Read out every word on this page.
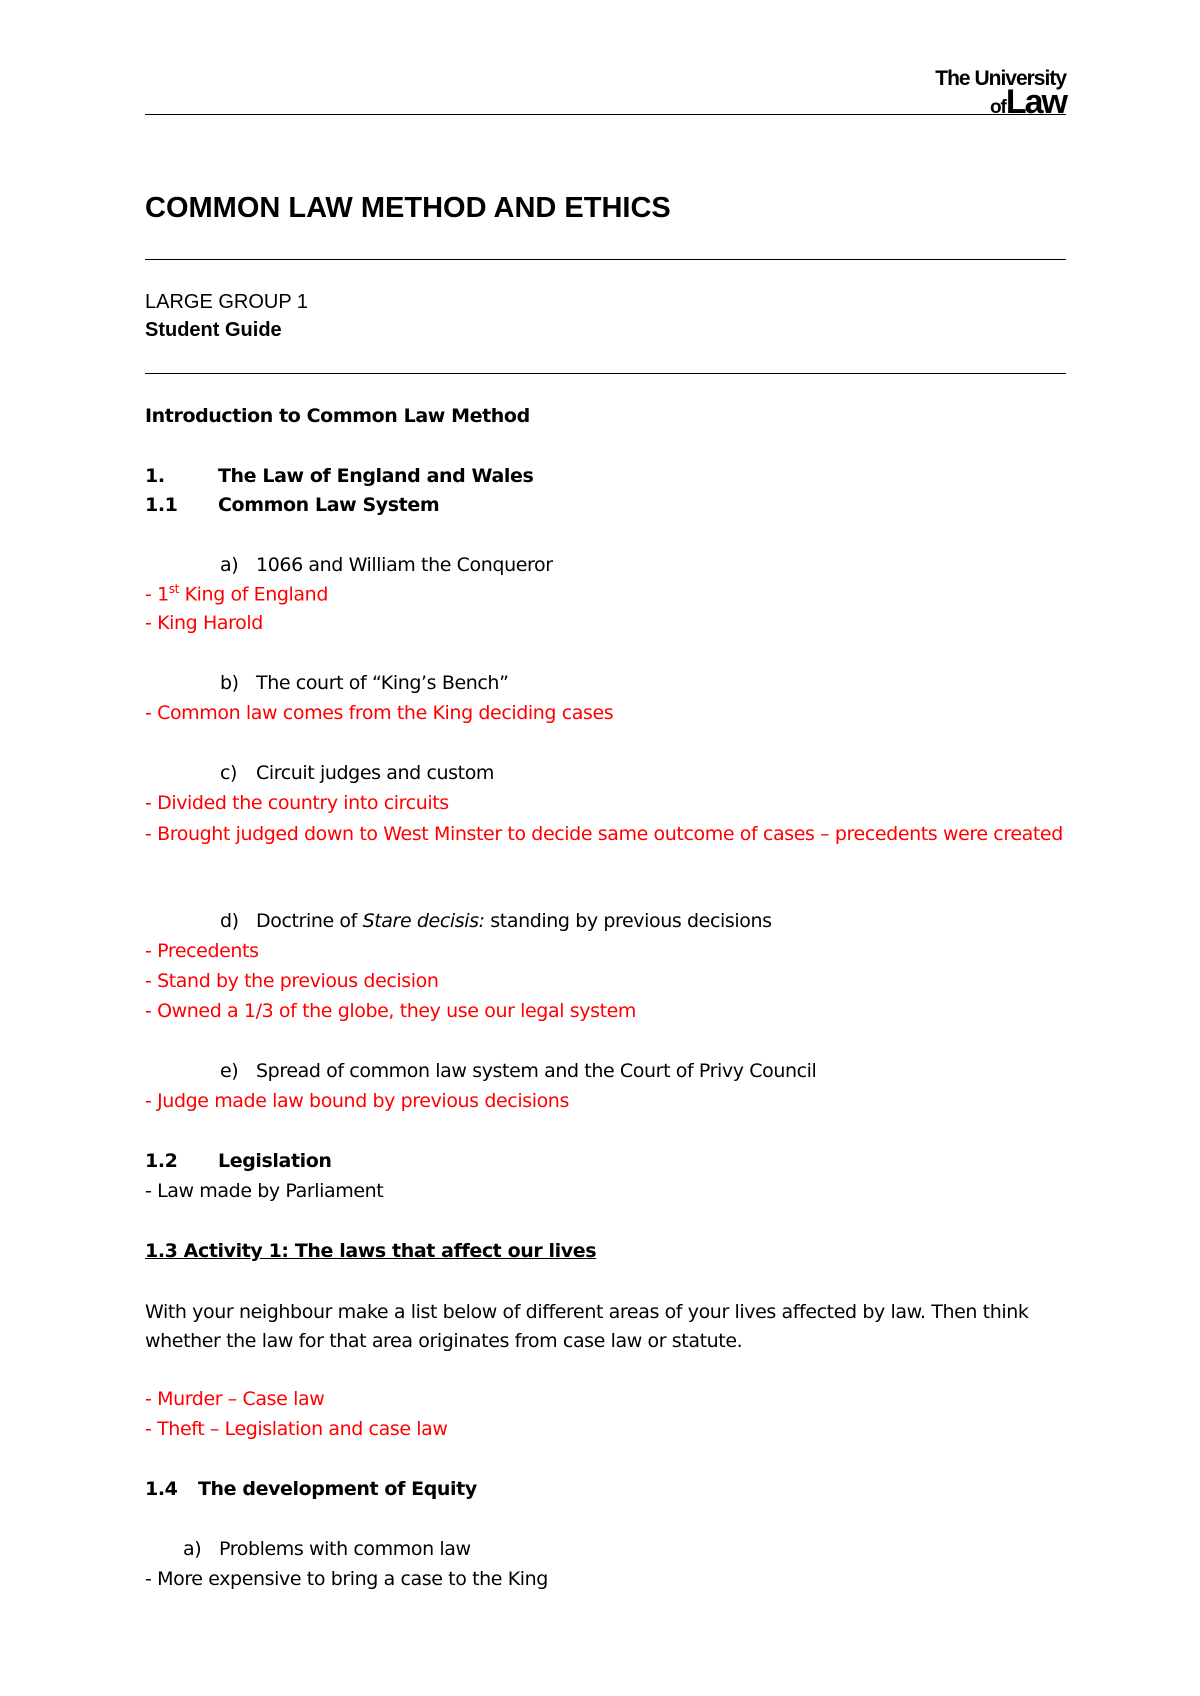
The University
ofLaw
COMMON LAW METHOD AND ETHICS
LARGE GROUP 1
Student Guide
Introduction to Common Law Method
1.	The Law of England and Wales
1.1 Common Law System
a) 1066 and William the Conqueror
- 1st King of England
- King Harold
b) The court of “King’s Bench”
- Common law comes from the King deciding cases
c) Circuit judges and custom
- Divided the country into circuits
- Brought judged down to West Minster to decide same outcome of cases – precedents were created
d) Doctrine of Stare decisis: standing by previous decisions
- Precedents
- Stand by the previous decision
- Owned a 1/3 of the globe, they use our legal system
e) Spread of common law system and the Court of Privy Council
- Judge made law bound by previous decisions
1.2 Legislation
- Law made by Parliament
1.3 Activity 1: The laws that affect our lives
With your neighbour make a list below of different areas of your lives affected by law. Then think whether the law for that area originates from case law or statute.
- Murder – Case law
- Theft – Legislation and case law
1.4 The development of Equity
a) Problems with common law
- More expensive to bring a case to the King
